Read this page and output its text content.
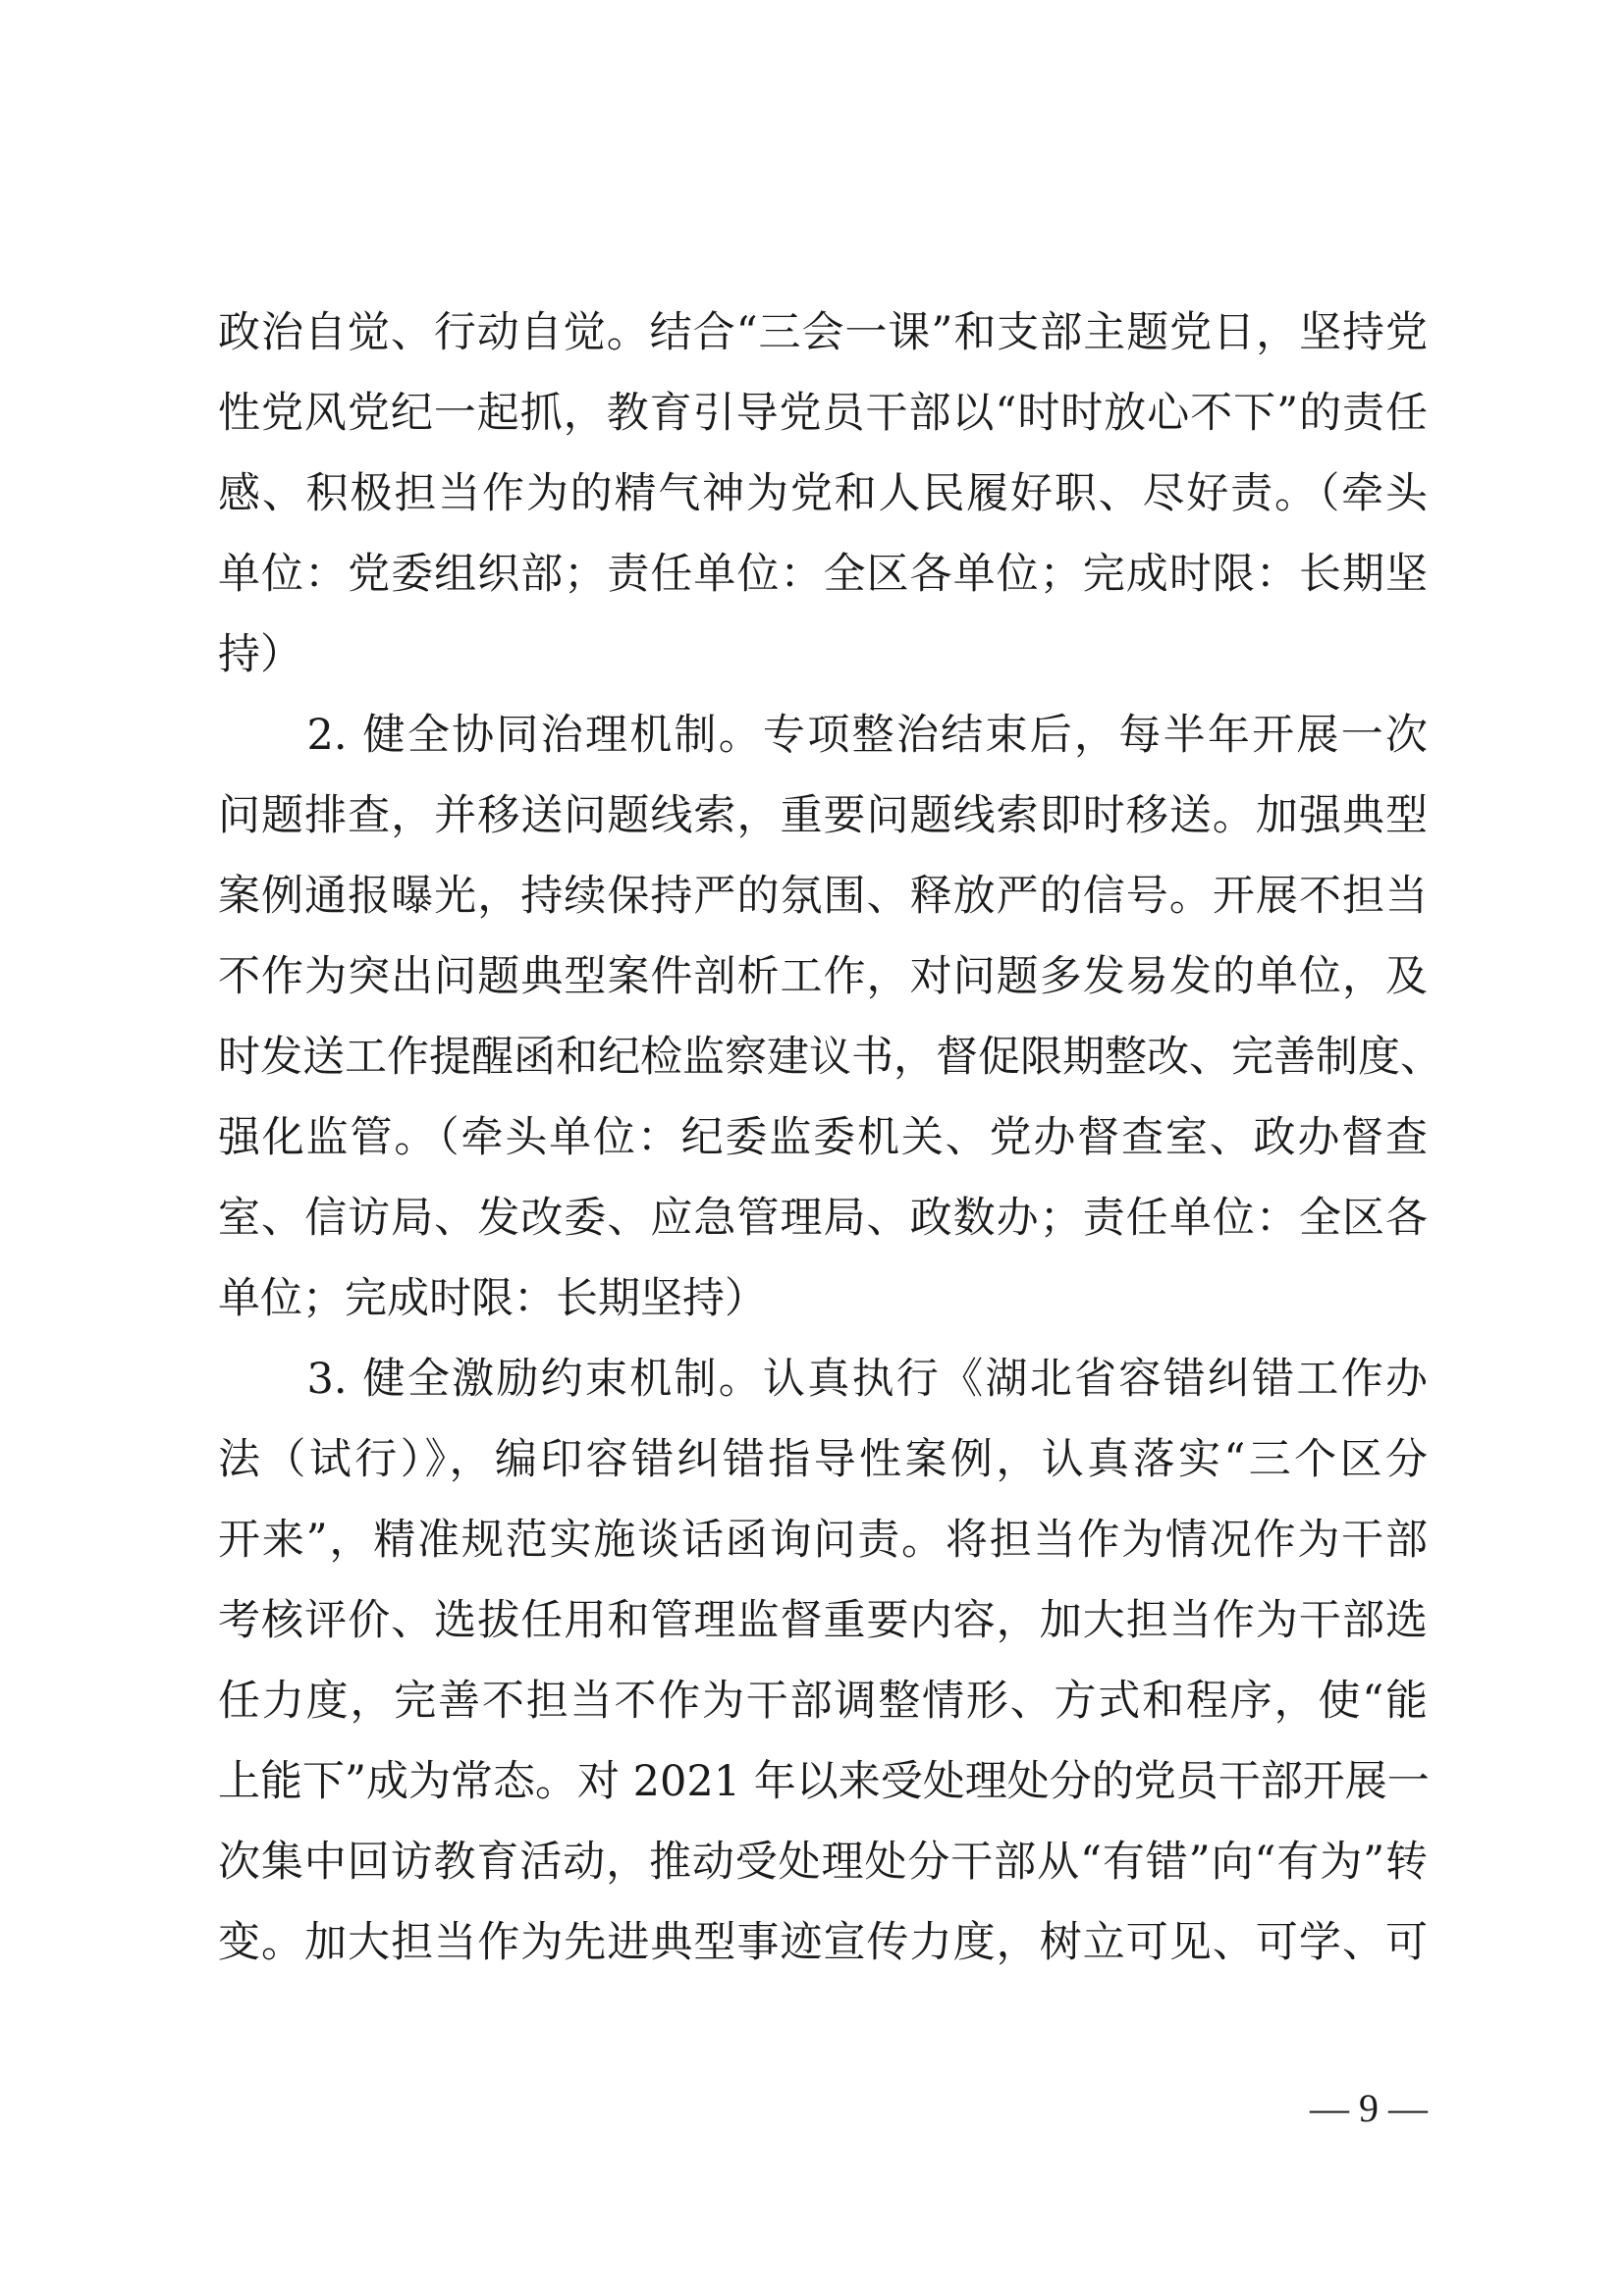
政治自觉、行动自觉。结合“三会一课”和支部主题党日，坚持党
性党风党纪一起抓，教育引导党员干部以“时时放心不下”的责任
感、积极担当作为的精气神为党和人民履好职、尽好责。（牵头
单位：党委组织部；责任单位：全区各单位；完成时限：长期坚
持）
　　2. 健全协同治理机制。专项整治结束后，每半年开展一次
问题排查，并移送问题线索，重要问题线索即时移送。加强典型
案例通报曝光，持续保持严的氛围、释放严的信号。开展不担当
不作为突出问题典型案件剖析工作，对问题多发易发的单位，及
时发送工作提醒函和纪检监察建议书，督促限期整改、完善制度、
强化监管。（牵头单位：纪委监委机关、党办督查室、政办督查
室、信访局、发改委、应急管理局、政数办；责任单位：全区各
单位；完成时限：长期坚持）
　　3. 健全激励约束机制。认真执行《湖北省容错纠错工作办
法（试行）》，编印容错纠错指导性案例，认真落实“三个区分
开来”，精准规范实施谈话函询问责。将担当作为情况作为干部
考核评价、选拔任用和管理监督重要内容，加大担当作为干部选
任力度，完善不担当不作为干部调整情形、方式和程序，使“能
上能下”成为常态。对 2021 年以来受处理处分的党员干部开展一
次集中回访教育活动，推动受处理处分干部从“有错”向“有为”转
变。加大担当作为先进典型事迹宣传力度，树立可见、可学、可
— 9 —
